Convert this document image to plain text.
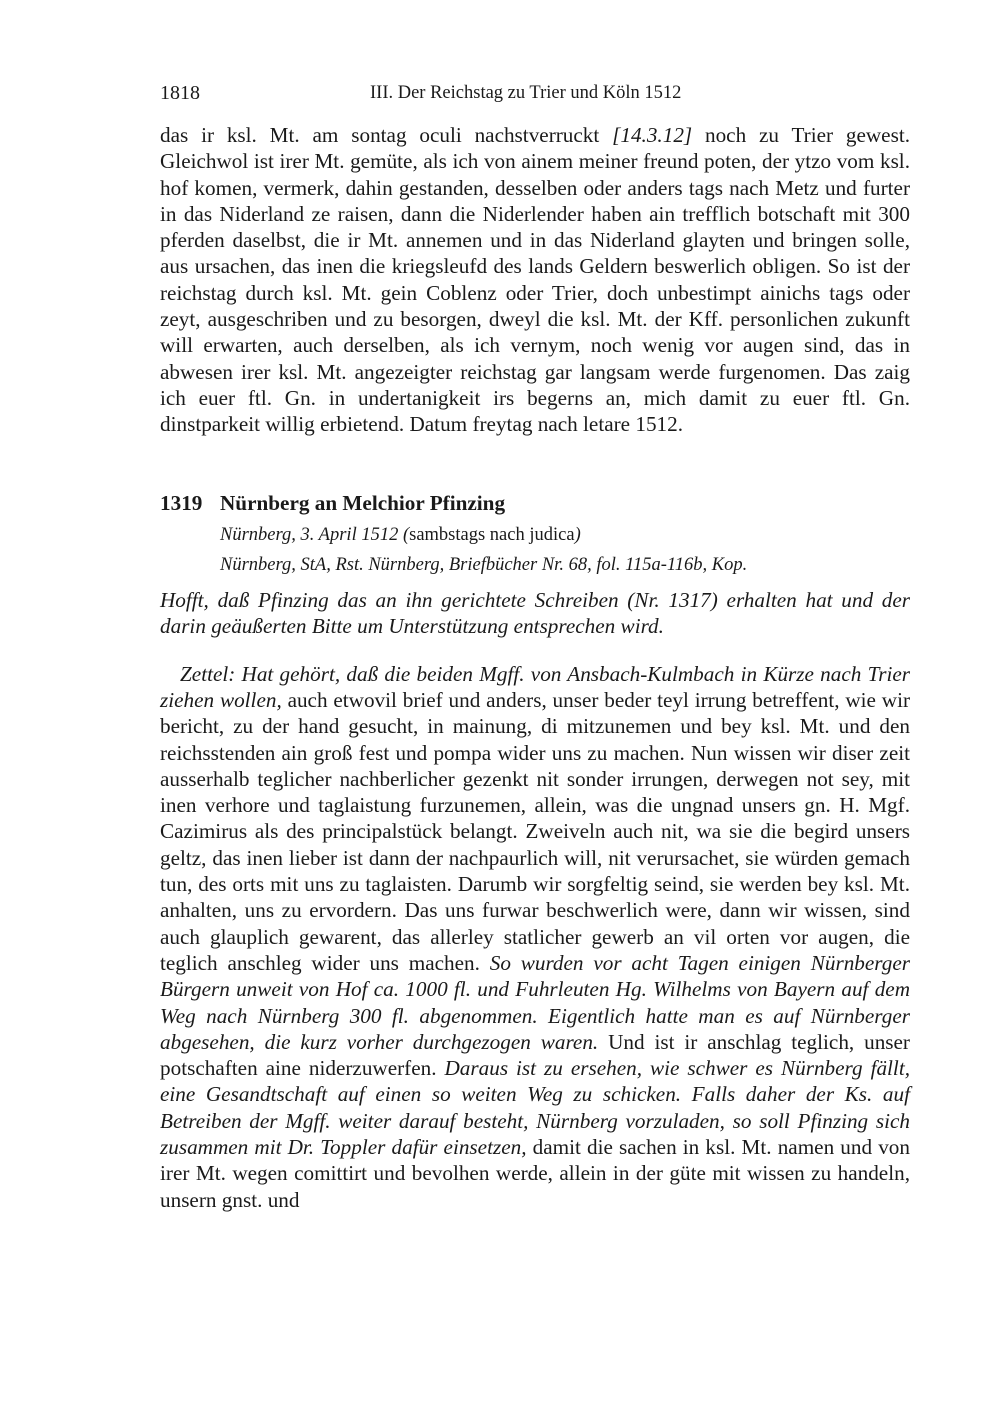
1818	III. Der Reichstag zu Trier und Köln 1512

das ir ksl. Mt. am sontag oculi nachstverruckt [14.3.12] noch zu Trier gewest. Gleichwol ist irer Mt. gemüte, als ich von ainem meiner freund poten, der ytzo vom ksl. hof komen, vermerk, dahin gestanden, desselben oder anders tags nach Metz und furter in das Niderland ze raisen, dann die Niderlender haben ain trefflich botschaft mit 300 pferden daselbst, die ir Mt. annemen und in das Niderland glayten und bringen solle, aus ursachen, das inen die kriegsleufd des lands Geldern beswerlich obligen. So ist der reichstag durch ksl. Mt. gein Coblenz oder Trier, doch unbestimpt ainichs tags oder zeyt, ausgeschriben und zu besorgen, dweyl die ksl. Mt. der Kff. personlichen zukunft will erwarten, auch derselben, als ich vernym, noch wenig vor augen sind, das in abwesen irer ksl. Mt. angezeigter reichstag gar langsam werde furgenomen. Das zaig ich euer ftl. Gn. in undertanigkeit irs begerns an, mich damit zu euer ftl. Gn. dinstparkeit willig erbietend. Datum freytag nach letare 1512.

1319 Nürnberg an Melchior Pfinzing

Nürnberg, 3. April 1512 (sambstags nach judica)

Nürnberg, StA, Rst. Nürnberg, Briefbücher Nr. 68, fol. 115a-116b, Kop.

Hofft, daß Pfinzing das an ihn gerichtete Schreiben (Nr. 1317) erhalten hat und der darin geäußerten Bitte um Unterstützung entsprechen wird.

Zettel: Hat gehört, daß die beiden Mgff. von Ansbach-Kulmbach in Kürze nach Trier ziehen wollen, auch etwovil brief und anders, unser beder teyl irrung betreffent, wie wir bericht, zu der hand gesucht, in mainung, di mitzunemen und bey ksl. Mt. und den reichsstenden ain groß fest und pompa wider uns zu machen. Nun wissen wir diser zeit ausserhalb teglicher nachberlicher gezenkt nit sonder irrungen, derwegen not sey, mit inen verhore und taglaistung furzunemen, allein, was die ungnad unsers gn. H. Mgf. Cazimirus als des principalstück belangt. Zweiveln auch nit, wa sie die begird unsers geltz, das inen lieber ist dann der nachpaurlich will, nit verursachet, sie würden gemach tun, des orts mit uns zu taglaisten. Darumb wir sorgfeltig seind, sie werden bey ksl. Mt. anhalten, uns zu ervordern. Das uns furwar beschwerlich were, dann wir wissen, sind auch glauplich gewarent, das allerley statlicher gewerb an vil orten vor augen, die teglich anschleg wider uns machen. So wurden vor acht Tagen einigen Nürnberger Bürgern unweit von Hof ca. 1000 fl. und Fuhrleuten Hg. Wilhelms von Bayern auf dem Weg nach Nürnberg 300 fl. abgenommen. Eigentlich hatte man es auf Nürnberger abgesehen, die kurz vorher durchgezogen waren. Und ist ir anschlag teglich, unser potschaften aine niderzuwerfen. Daraus ist zu ersehen, wie schwer es Nürnberg fällt, eine Gesandtschaft auf einen so weiten Weg zu schicken. Falls daher der Ks. auf Betreiben der Mgff. weiter darauf besteht, Nürnberg vorzuladen, so soll Pfinzing sich zusammen mit Dr. Toppler dafür einsetzen, damit die sachen in ksl. Mt. namen und von irer Mt. wegen comittirt und bevolhen werde, allein in der güte mit wissen zu handeln, unsern gnst. und
